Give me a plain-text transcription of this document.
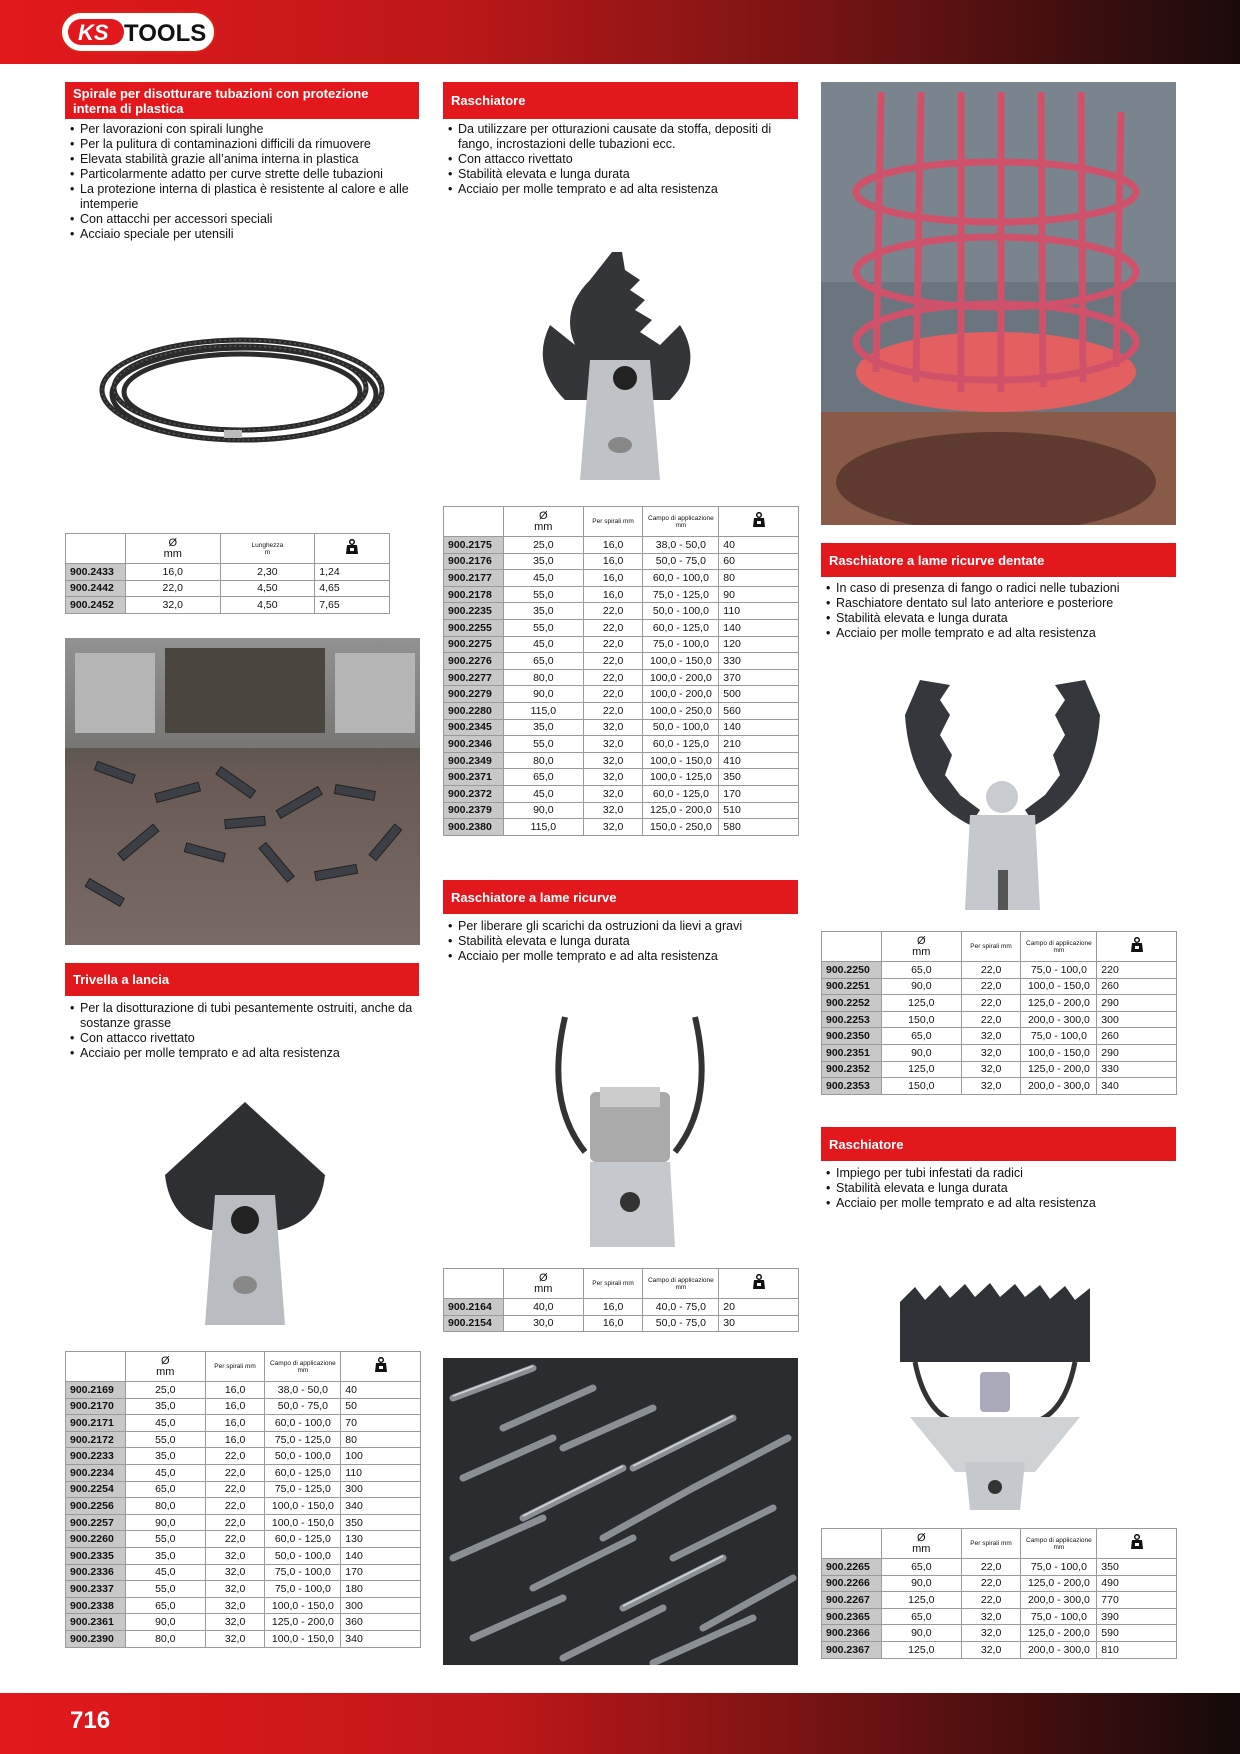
KS TOOLS
716
Spirale per disotturare tubazioni con protezione interna di plastica
• Per lavorazioni con spirali lunghe
• Per la pulitura di contaminazioni difficili da rimuovere
• Elevata stabilità grazie all’anima interna in plastica
• Particolarmente adatto per curve strette delle tubazioni
• La protezione interna di plastica è resistente al calore e alle intemperie
• Con attacchi per accessori speciali
• Acciaio speciale per utensili

	Ø
mm	Lunghezza
m

900.2433	16,0	2,30	1,24
900.2442	22,0	4,50	4,65
900.2452	32,0	4,50	7,65
Trivella a lancia
• Per la disotturazione di tubi pesantemente ostruiti, anche da sostanze grasse
• Con attacco rivettato
• Acciaio per molle temprato e ad alta resistenza

	Ø
mm	Per spirali mm	Campo di applicazione
mm

900.2169	25,0	16,0	38,0 - 50,0	40
900.2170	35,0	16,0	50,0 - 75,0	50
900.2171	45,0	16,0	60,0 - 100,0	70
900.2172	55,0	16,0	75,0 - 125,0	80
900.2233	35,0	22,0	50,0 - 100,0	100
900.2234	45,0	22,0	60,0 - 125,0	110
900.2254	65,0	22,0	75,0 - 125,0	300
900.2256	80,0	22,0	100,0 - 150,0	340
900.2257	90,0	22,0	100,0 - 150,0	350
900.2260	55,0	22,0	60,0 - 125,0	130
900.2335	35,0	32,0	50,0 - 100,0	140
900.2336	45,0	32,0	75,0 - 100,0	170
900.2337	55,0	32,0	75,0 - 100,0	180
900.2338	65,0	32,0	100,0 - 150,0	300
900.2361	90,0	32,0	125,0 - 200,0	360
900.2390	80,0	32,0	100,0 - 150,0	340
Raschiatore
• Da utilizzare per otturazioni causate da stoffa, depositi di fango, incrostazioni delle tubazioni ecc.
• Con attacco rivettato
• Stabilità elevata e lunga durata
• Acciaio per molle temprato e ad alta resistenza

	Ø
mm	Per spirali mm	Campo di applicazione
mm

900.2175	25,0	16,0	38,0 - 50,0	40
900.2176	35,0	16,0	50,0 - 75,0	60
900.2177	45,0	16,0	60,0 - 100,0	80
900.2178	55,0	16,0	75,0 - 125,0	90
900.2235	35,0	22,0	50,0 - 100,0	110
900.2255	55,0	22,0	60,0 - 125,0	140
900.2275	45,0	22,0	75,0 - 100,0	120
900.2276	65,0	22,0	100,0 - 150,0	330
900.2277	80,0	22,0	100,0 - 200,0	370
900.2279	90,0	22,0	100,0 - 200,0	500
900.2280	115,0	22,0	100,0 - 250,0	560
900.2345	35,0	32,0	50,0 - 100,0	140
900.2346	55,0	32,0	60,0 - 125,0	210
900.2349	80,0	32,0	100,0 - 150,0	410
900.2371	65,0	32,0	100,0 - 125,0	350
900.2372	45,0	32,0	60,0 - 125,0	170
900.2379	90,0	32,0	125,0 - 200,0	510
900.2380	115,0	32,0	150,0 - 250,0	580
Raschiatore a lame ricurve
• Per liberare gli scarichi da ostruzioni da lievi a gravi
• Stabilità elevata e lunga durata
• Acciaio per molle temprato e ad alta resistenza

	Ø
mm	Per spirali mm	Campo di applicazione
mm

900.2164	40,0	16,0	40,0 - 75,0	20
900.2154	30,0	16,0	50,0 - 75,0	30
Raschiatore a lame ricurve dentate
• In caso di presenza di fango o radici nelle tubazioni
• Raschiatore dentato sul lato anteriore e posteriore
• Stabilità elevata e lunga durata
• Acciaio per molle temprato e ad alta resistenza

	Ø
mm	Per spirali mm	Campo di applicazione
mm

900.2250	65,0	22,0	75,0 - 100,0	220
900.2251	90,0	22,0	100,0 - 150,0	260
900.2252	125,0	22,0	125,0 - 200,0	290
900.2253	150,0	22,0	200,0 - 300,0	300
900.2350	65,0	32,0	75,0 - 100,0	260
900.2351	90,0	32,0	100,0 - 150,0	290
900.2352	125,0	32,0	125,0 - 200,0	330
900.2353	150,0	32,0	200,0 - 300,0	340
Raschiatore
• Impiego per tubi infestati da radici
• Stabilità elevata e lunga durata
• Acciaio per molle temprato e ad alta resistenza

	Ø
mm	Per spirali mm	Campo di applicazione
mm

900.2265	65,0	22,0	75,0 - 100,0	350
900.2266	90,0	22,0	125,0 - 200,0	490
900.2267	125,0	22,0	200,0 - 300,0	770
900.2365	65,0	32,0	75,0 - 100,0	390
900.2366	90,0	32,0	125,0 - 200,0	590
900.2367	125,0	32,0	200,0 - 300,0	810
